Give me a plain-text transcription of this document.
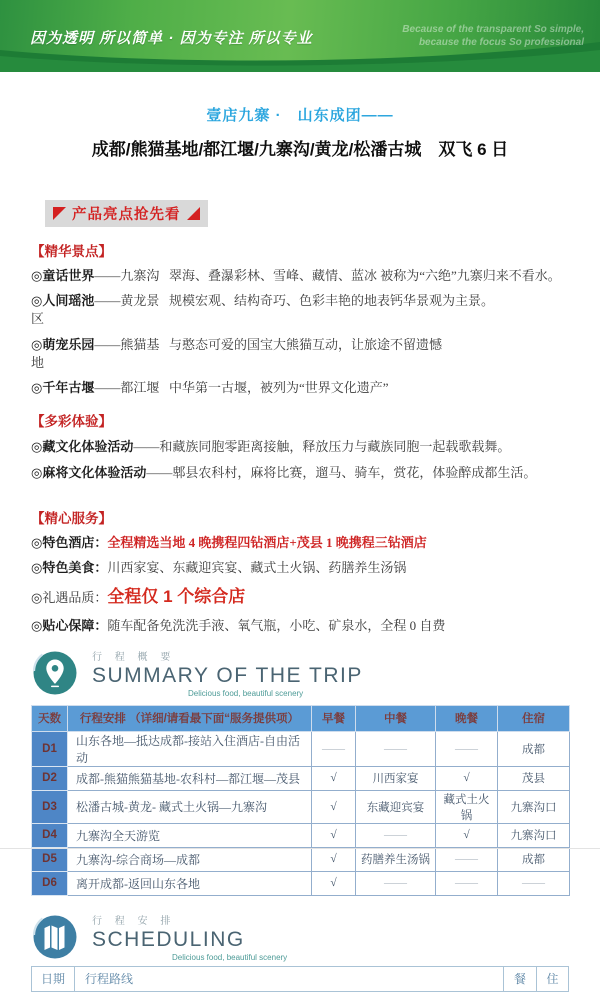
因为透明 所以简单 · 因为专注 所以专业
Because of the transparent So simple,
because the focus So professional
壹店九寨 ·　山东成团——
成都/熊猫基地/都江堰/九寨沟/黄龙/松潘古城　双飞 6 日
产品亮点抢先看
【精华景点】
◎童话世界——九寨沟 翠海、叠瀑彩林、雪峰、藏情、蓝冰 被称为“六绝”九寨归来不看水。
◎人间瑶池——黄龙景区
规模宏观、结构奇巧、色彩丰艳的地表钙华景观为主景。
◎萌宠乐园——熊猫基地
与憨态可爱的国宝大熊猫互动，让旅途不留遗憾
◎千年古堰——都江堰 中华第一古堰，被列为“世界文化遗产”
【多彩体验】
◎藏文化体验活动——和藏族同胞零距离接触，释放压力与藏族同胞一起载歌载舞。
◎麻将文化体验活动——郫县农科村，麻将比赛，遛马、骑车，赏花，体验醉成都生活。
【精心服务】
◎特色酒店： 全程精选当地 4 晚携程四钻酒店+茂县 1 晚携程三钻酒店
◎特色美食： 川西家宴、东藏迎宾宴、藏式土火锅、药膳养生汤锅
◎礼遇品质： 全程仅 1 个综合店
◎贴心保障： 随车配备免洗洗手液、氧气瓶，小吃、矿泉水，全程 0 自费
行 程 概 要
SUMMARY OF THE TRIP
Delicious food, beautiful scenery
天数	行程安排 （详细/请看最下面“服务提供项）	早餐	中餐	晚餐	住宿
D1	山东各地—抵达成都-接站入住酒店-自由活动	——	——	——	成都
D2	成都-熊猫熊猫基地-农科村—都江堰—茂县	√	川西家宴	√	茂县
D3	松潘古城-黄龙- 藏式土火锅—九寨沟	√	东藏迎宾宴	藏式土火锅	九寨沟口
D4	九寨沟全天游览	√	——	√	九寨沟口
D5	九寨沟-综合商场—成都	√	药膳养生汤锅	——	成都
D6	离开成都-返回山东各地	√	——	——	——
行 程 安 排
SCHEDULING
Delicious food, beautiful scenery
日期	行程路线	餐	住
